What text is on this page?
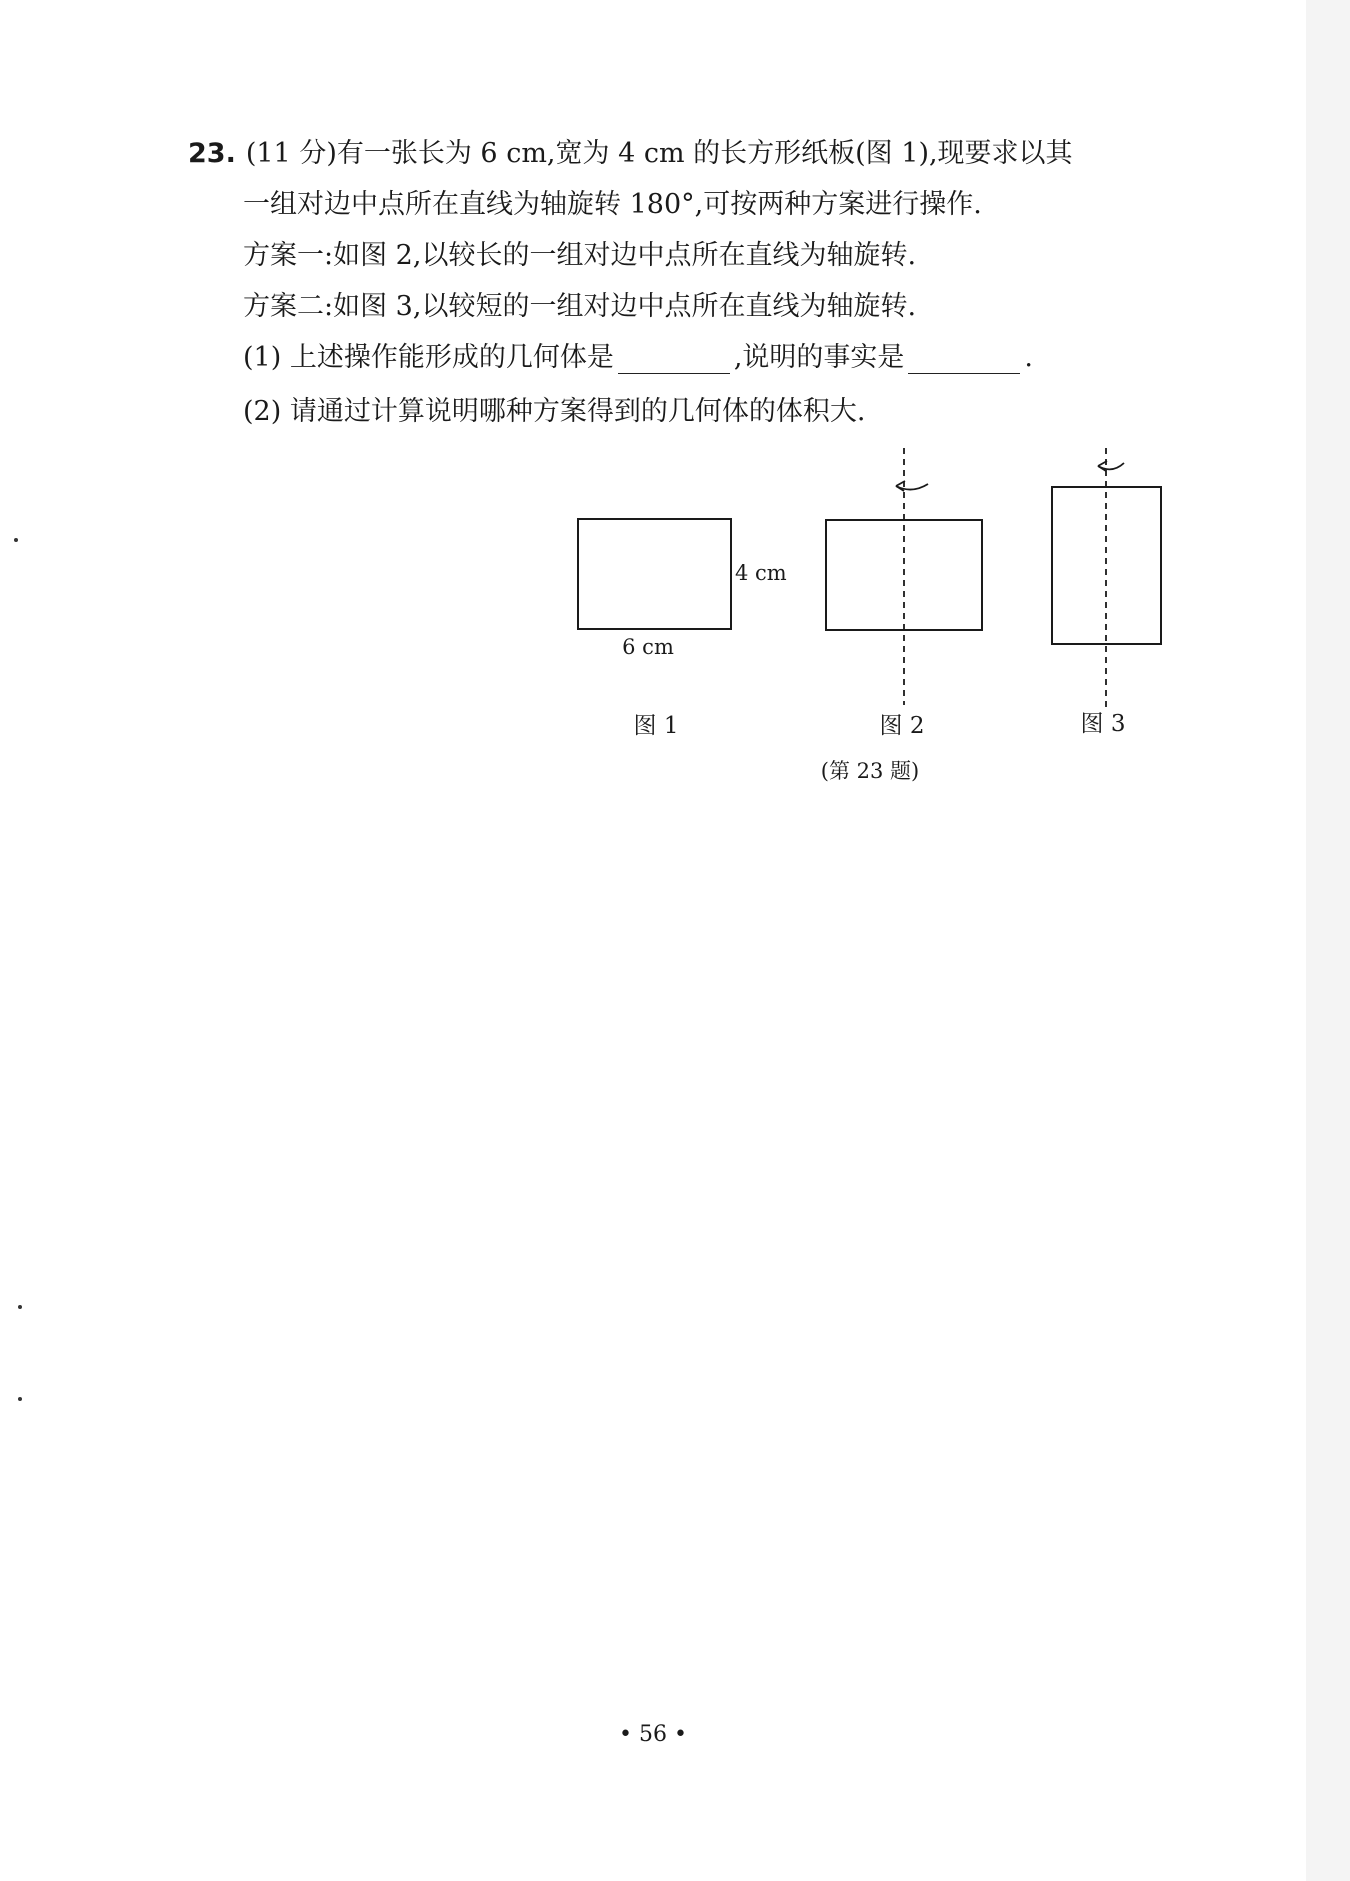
23. (11 分)有一张长为 6 cm,宽为 4 cm 的长方形纸板(图 1),现要求以其
一组对边中点所在直线为轴旋转 180°,可按两种方案进行操作.
方案一:如图 2,以较长的一组对边中点所在直线为轴旋转.
方案二:如图 3,以较短的一组对边中点所在直线为轴旋转.
(1) 上述操作能形成的几何体是	,说明的事实是	.
(2) 请通过计算说明哪种方案得到的几何体的体积大.
4 cm
6 cm
图 1	图 2	图 3
(第 23 题)
• 56 •
